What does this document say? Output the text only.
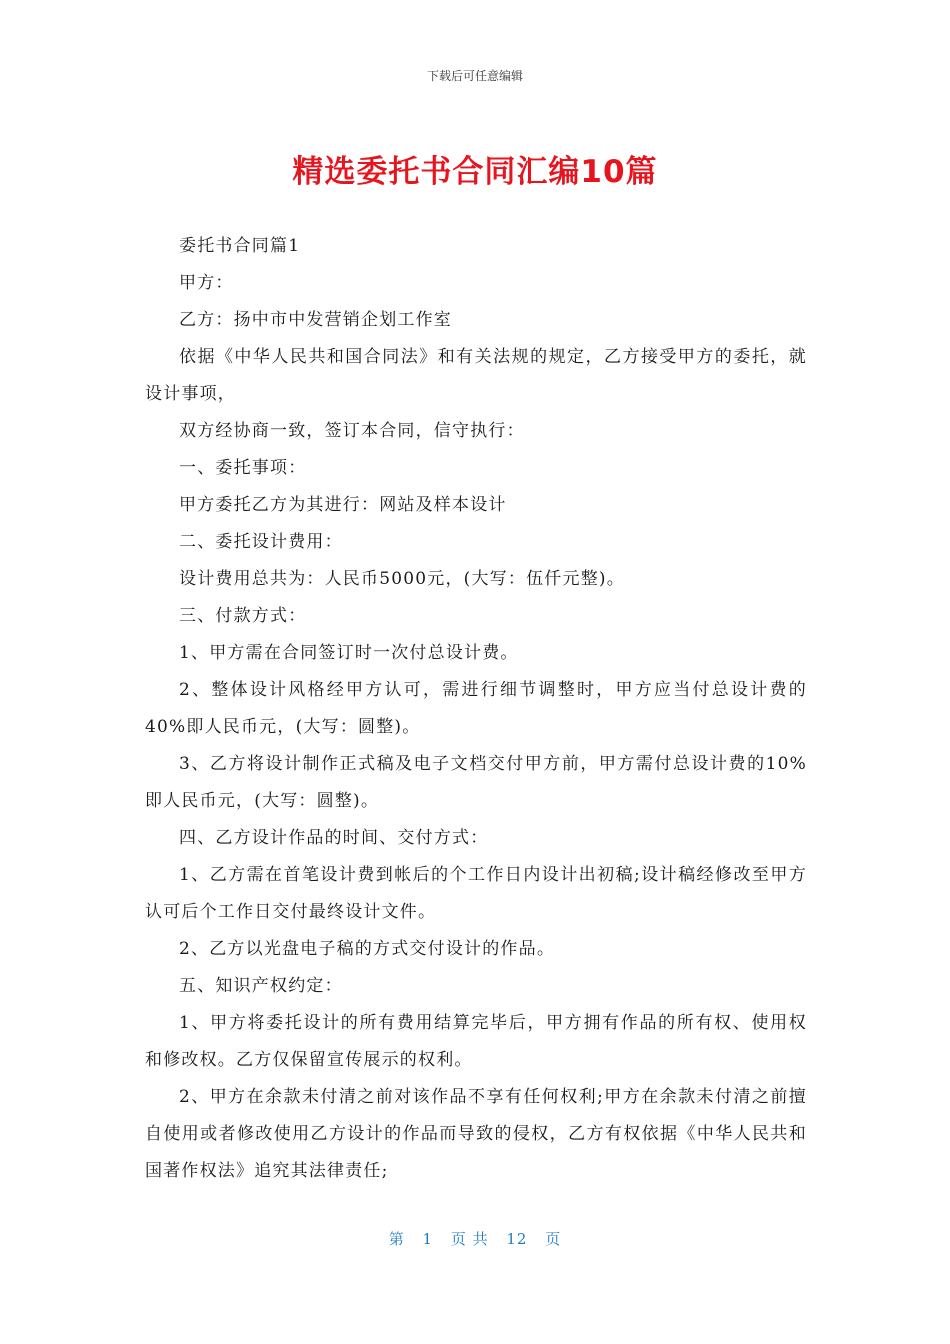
下载后可任意编辑
精选委托书合同汇编10篇

委托书合同篇1

甲方：

乙方：扬中市中发营销企划工作室

依据《中华人民共和国合同法》和有关法规的规定，乙方接受甲方的委托，就设计事项，

双方经协商一致，签订本合同，信守执行：

一、委托事项：

甲方委托乙方为其进行：网站及样本设计

二、委托设计费用：

设计费用总共为：人民币5000元，(大写：伍仟元整)。

三、付款方式：

1、甲方需在合同签订时一次付总设计费。

2、整体设计风格经甲方认可，需进行细节调整时，甲方应当付总设计费的40%即人民币元，(大写：圆整)。

3、乙方将设计制作正式稿及电子文档交付甲方前，甲方需付总设计费的10%即人民币元，(大写：圆整)。

四、乙方设计作品的时间、交付方式：

1、乙方需在首笔设计费到帐后的个工作日内设计出初稿;设计稿经修改至甲方认可后个工作日交付最终设计文件。

2、乙方以光盘电子稿的方式交付设计的作品。

五、知识产权约定：

1、甲方将委托设计的所有费用结算完毕后，甲方拥有作品的所有权、使用权和修改权。乙方仅保留宣传展示的权利。

2、甲方在余款未付清之前对该作品不享有任何权利;甲方在余款未付清之前擅自使用或者修改使用乙方设计的作品而导致的侵权，乙方有权依据《中华人民共和国著作权法》追究其法律责任;

第 1 页 共 12 页
